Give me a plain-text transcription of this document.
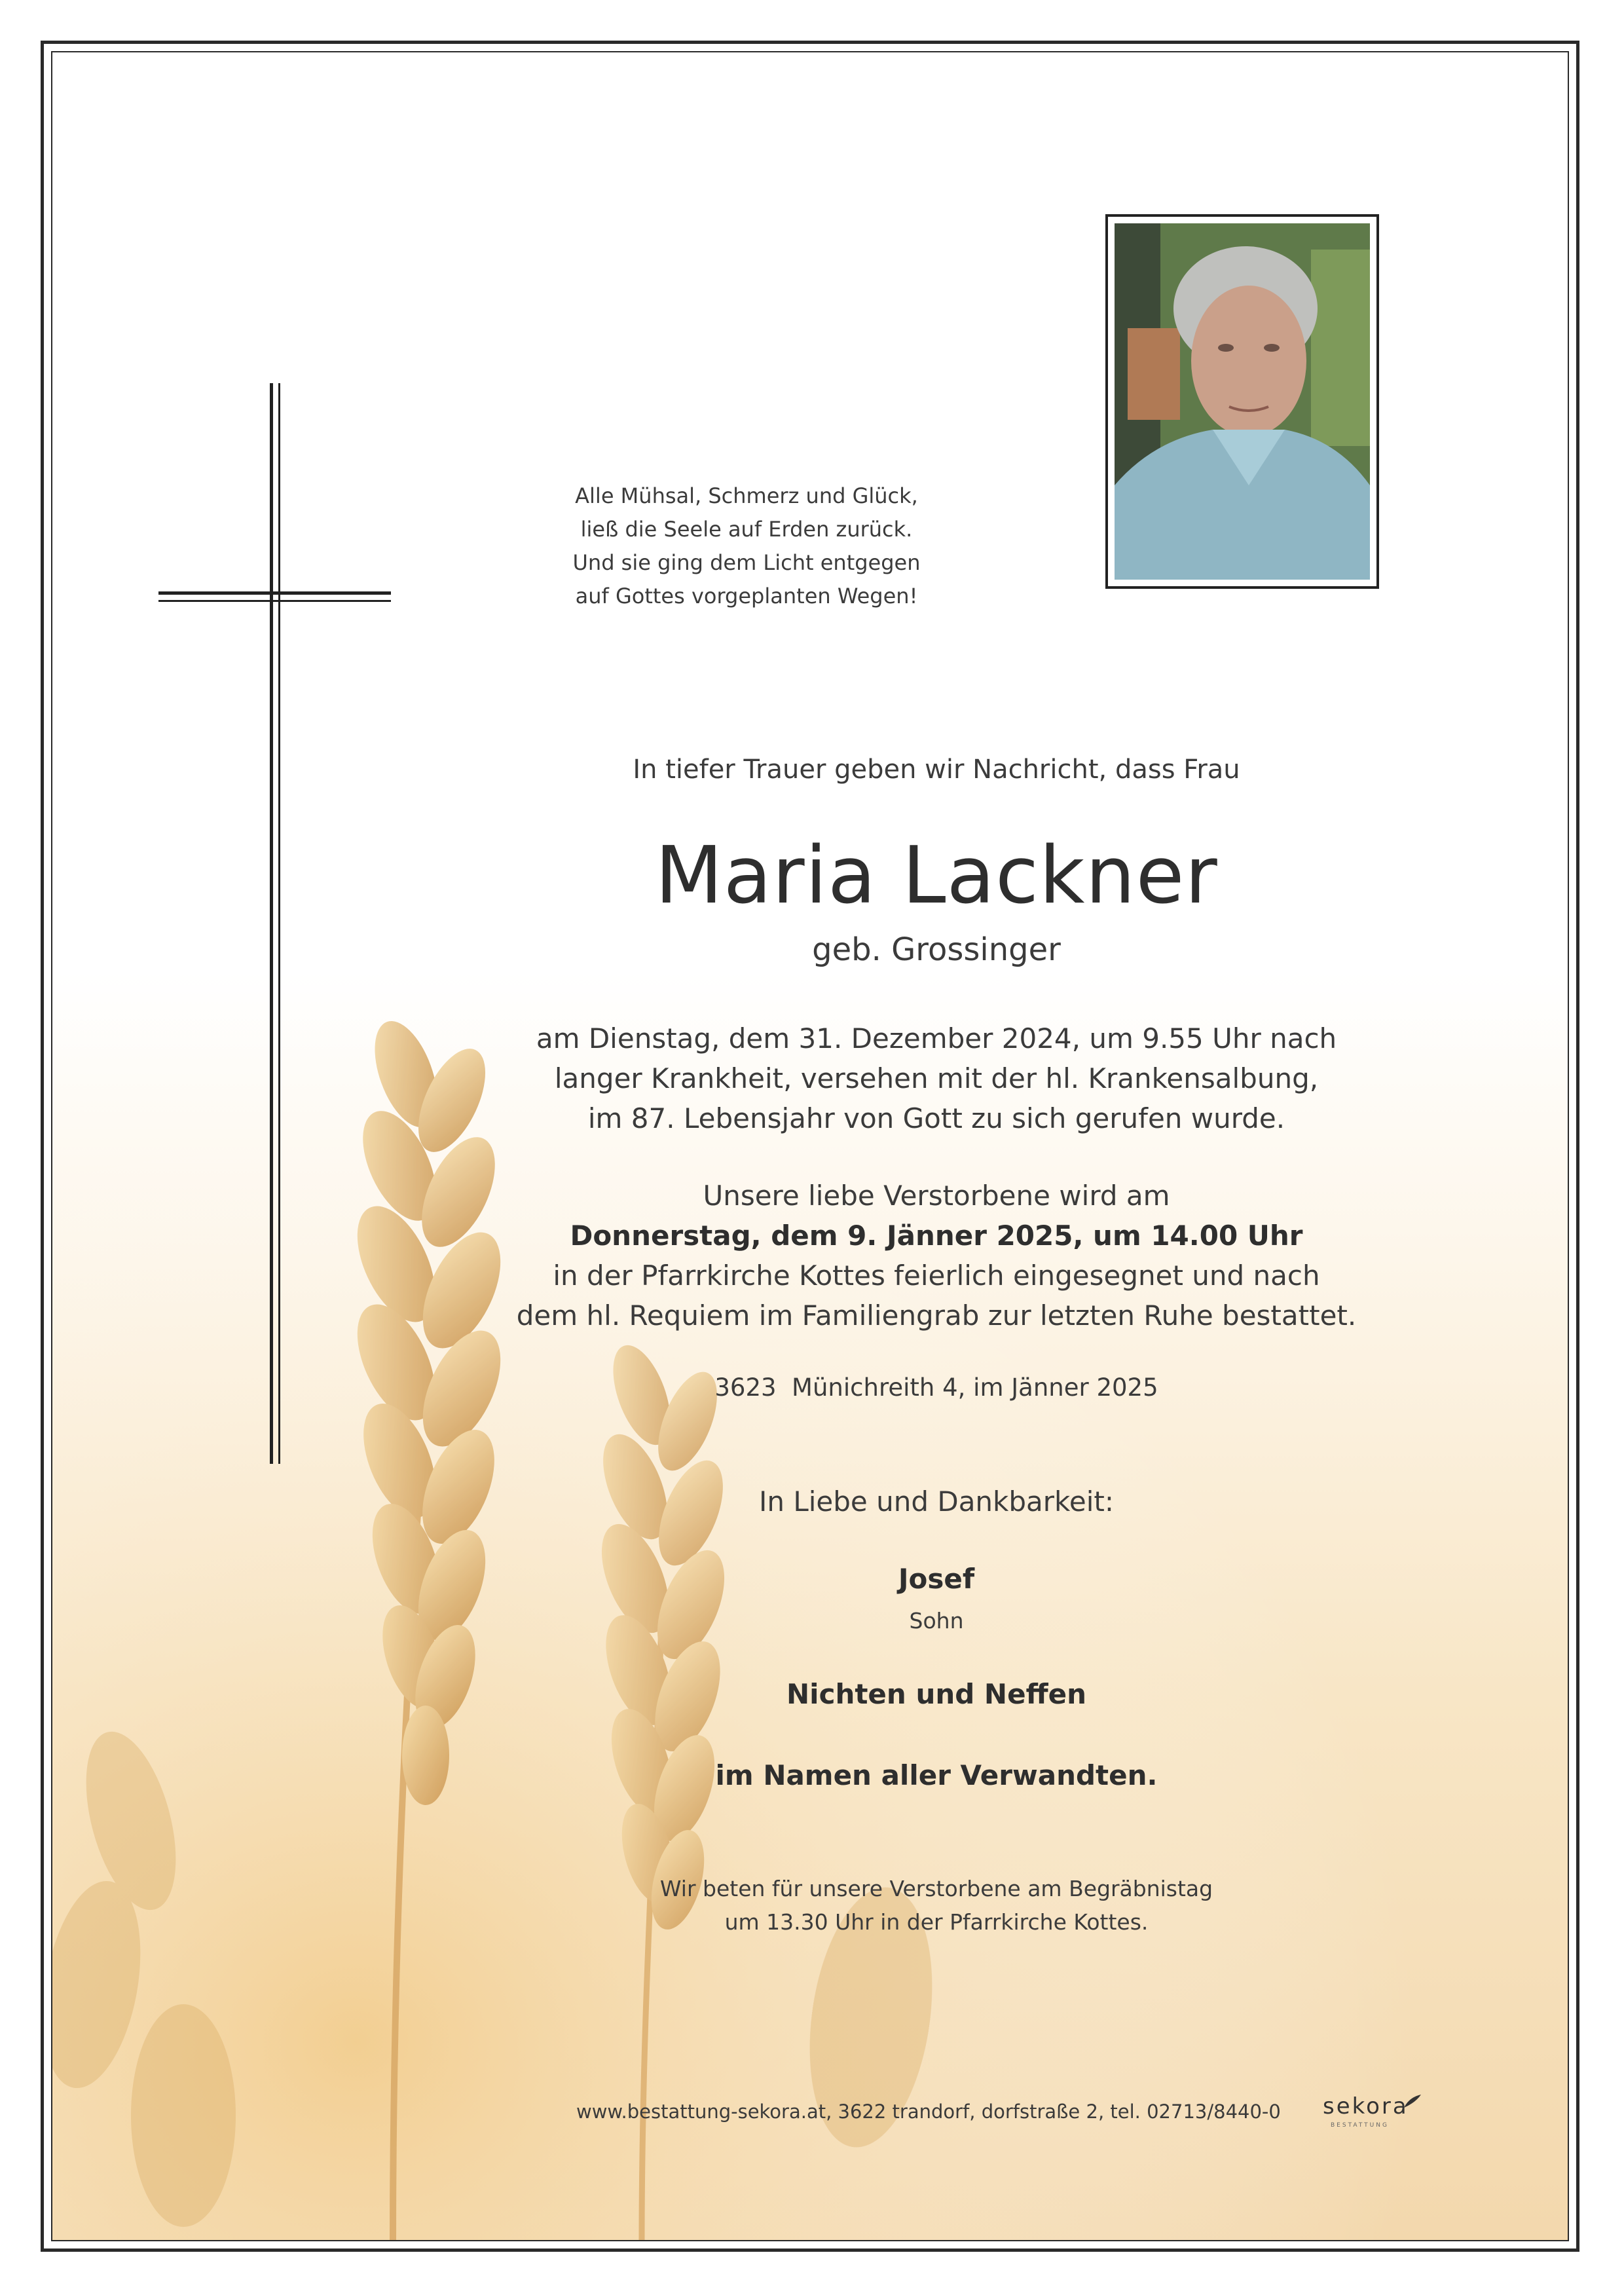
Alle Mühsal, Schmerz und Glück,
ließ die Seele auf Erden zurück.
Und sie ging dem Licht entgegen
auf Gottes vorgeplanten Wegen!
In tiefer Trauer geben wir Nachricht, dass Frau
Maria Lackner
geb. Grossinger
am Dienstag, dem 31. Dezember 2024, um 9.55 Uhr nach
langer Krankheit, versehen mit der hl. Krankensalbung,
im 87. Lebensjahr von Gott zu sich gerufen wurde.
Unsere liebe Verstorbene wird am
Donnerstag, dem 9. Jänner 2025, um 14.00 Uhr
in der Pfarrkirche Kottes feierlich eingesegnet und nach
dem hl. Requiem im Familiengrab zur letzten Ruhe bestattet.
3623  Münichreith 4, im Jänner 2025
In Liebe und Dankbarkeit:
Josef
Sohn
Nichten und Neffen
im Namen aller Verwandten.
Wir beten für unsere Verstorbene am Begräbnistag
um 13.30 Uhr in der Pfarrkirche Kottes.
www.bestattung-sekora.at, 3622 trandorf, dorfstraße 2, tel. 02713/8440-0 sekora
BESTATTUNG
